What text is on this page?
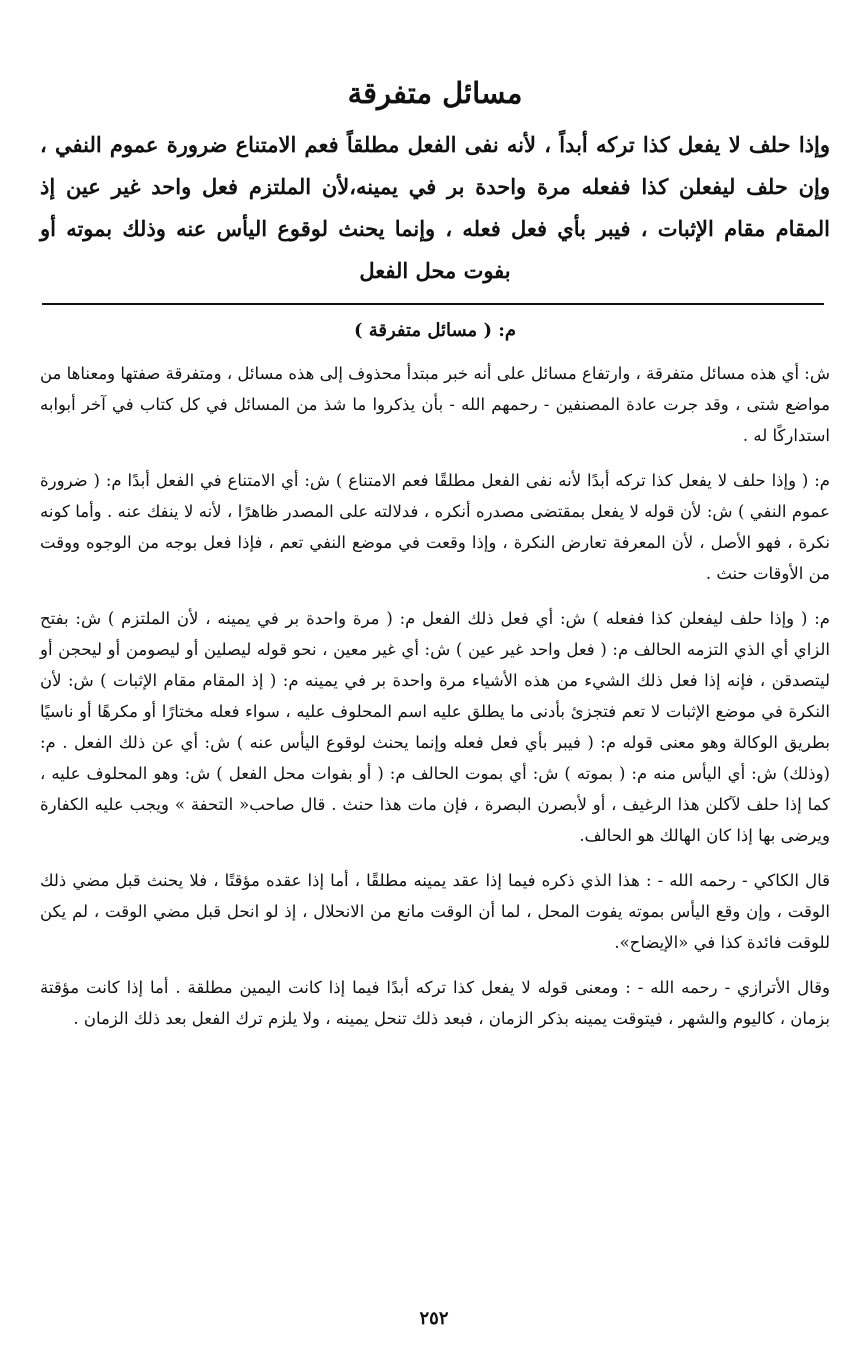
مسائل متفرقة

وإذا حلف لا يفعل كذا تركه أبداً ، لأنه نفى الفعل مطلقاً فعم الامتناع ضرورة عموم النفي ، وإن حلف ليفعلن كذا ففعله مرة واحدة بر في يمينه،لأن الملتزم فعل واحد غير عين إذ المقام مقام الإثبات ، فيبر بأي فعل فعله ، وإنما يحنث لوقوع اليأس عنه وذلك بموته أو بفوت محل الفعل

م: ( مسائل متفرقة )

ش: أي هذه مسائل متفرقة ، وارتفاع مسائل على أنه خبر مبتدأ محذوف إلى هذه مسائل ، ومتفرقة صفتها ومعناها من مواضع شتى ، وقد جرت عادة المصنفين - رحمهم الله - بأن يذكروا ما شذ من المسائل في كل كتاب في آخر أبوابه استداركًا له .

م: ( وإذا حلف لا يفعل كذا تركه أبدًا لأنه نفى الفعل مطلقًا فعم الامتناع ) ش: أي الامتناع في الفعل أبدًا م: ( ضرورة عموم النفي ) ش: لأن قوله لا يفعل بمقتضى مصدره أنكره ، فدلالته على المصدر ظاهرًا ، لأنه لا ينفك عنه . وأما كونه نكرة ، فهو الأصل ، لأن المعرفة تعارض النكرة ، وإذا وقعت في موضع النفي تعم ، فإذا فعل بوجه من الوجوه ووقت من الأوقات حنث .

م: ( وإذا حلف ليفعلن كذا ففعله ) ش: أي فعل ذلك الفعل م: ( مرة واحدة بر في يمينه ، لأن الملتزم ) ش: بفتح الزاي أي الذي التزمه الحالف م: ( فعل واحد غير عين ) ش: أي غير معين ، نحو قوله ليصلين أو ليصومن أو ليحجن أو ليتصدقن ، فإنه إذا فعل ذلك الشيء من هذه الأشياء مرة واحدة بر في يمينه م: ( إذ المقام مقام الإثبات ) ش: لأن النكرة في موضع الإثبات لا تعم فتجزئ بأدنى ما يطلق عليه اسم المحلوف عليه ، سواء فعله مختارًا أو مكرهًا أو ناسيًا بطريق الوكالة وهو معنى قوله م: ( فيبر بأي فعل فعله وإنما يحنث لوقوع اليأس عنه ) ش: أي عن ذلك الفعل . م: (وذلك) ش: أي اليأس منه م: ( بموته ) ش: أي بموت الحالف م: ( أو بفوات محل الفعل ) ش: وهو المحلوف عليه ، كما إذا حلف لآكلن هذا الرغيف ، أو لأبصرن البصرة ، فإن مات هذا حنث . قال صاحب« التحفة » ويجب عليه الكفارة ويرضى بها إذا كان الهالك هو الحالف.

قال الكاكي - رحمه الله - : هذا الذي ذكره فيما إذا عقد يمينه مطلقًا ، أما إذا عقده مؤقتًا ، فلا يحنث قبل مضي ذلك الوقت ، وإن وقع اليأس بموته يفوت المحل ، لما أن الوقت مانع من الانحلال ، إذ لو انحل قبل مضي الوقت ، لم يكن للوقت فائدة كذا في «الإيضاح».

وقال الأترازي - رحمه الله - : ومعنى قوله لا يفعل كذا تركه أبدًا فيما إذا كانت اليمين مطلقة . أما إذا كانت مؤقتة بزمان ، كاليوم والشهر ، فيتوقت يمينه بذكر الزمان ، فبعد ذلك تنحل يمينه ، ولا يلزم ترك الفعل بعد ذلك الزمان .

٢٥٢
